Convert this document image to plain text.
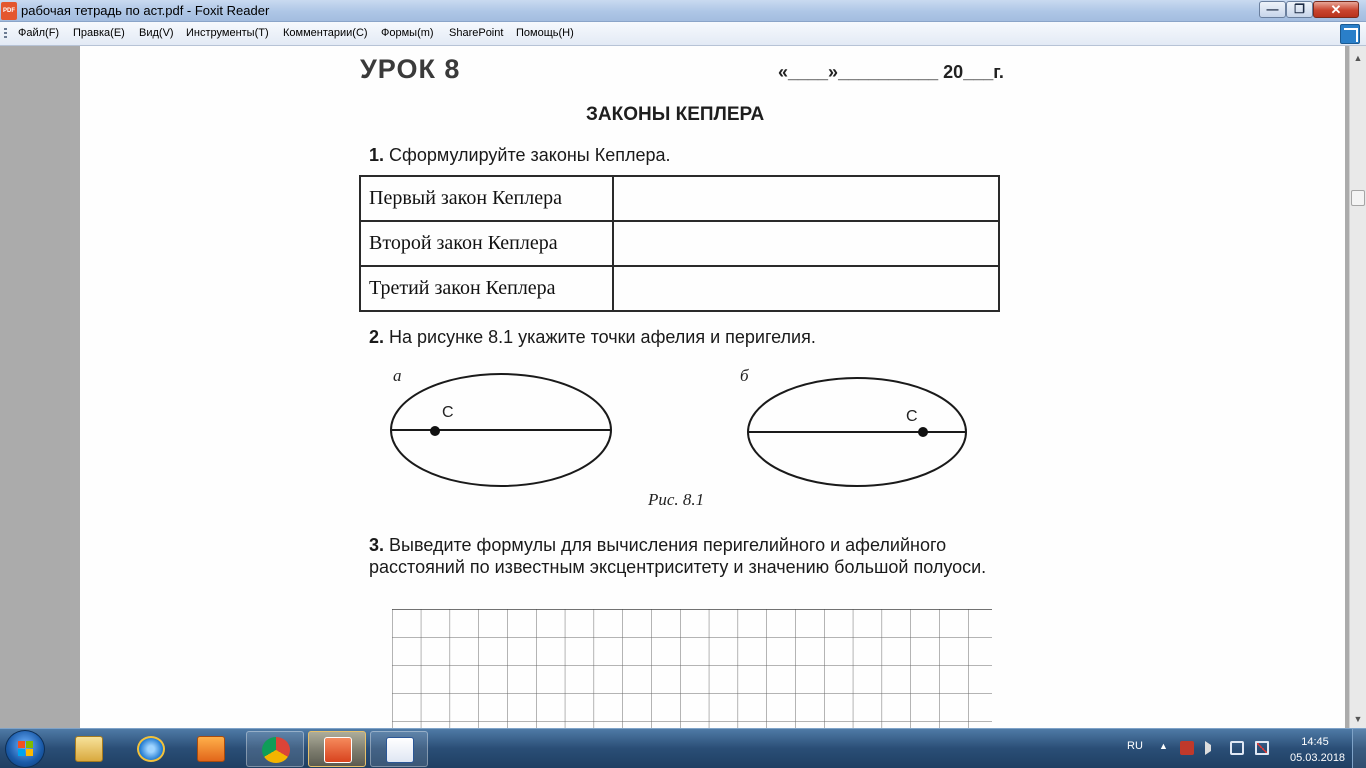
PDF рабочая тетрадь по аст.pdf - Foxit Reader	—	❐	✕
Файл(F) Правка(E) Вид(V) Инструменты(T) Комментарии(C) Формы(m) SharePoint Помощь(H)
УРОК 8	«____»__________ 20___г.
ЗАКОНЫ КЕПЛЕРА
1. Сформулируйте законы Кеплера.
Первый закон Кеплера	
Второй закон Кеплера	
Третий закон Кеплера	
2. На рисунке 8.1 укажите точки афелия и перигелия.
а	б
C	C
Рис. 8.1
3. Выведите формулы для вычисления перигелийного и афелийного расстояний по известным эксцентриситету и значению большой полуоси.
▲
▼
RU ▲	14:45
05.03.2018
